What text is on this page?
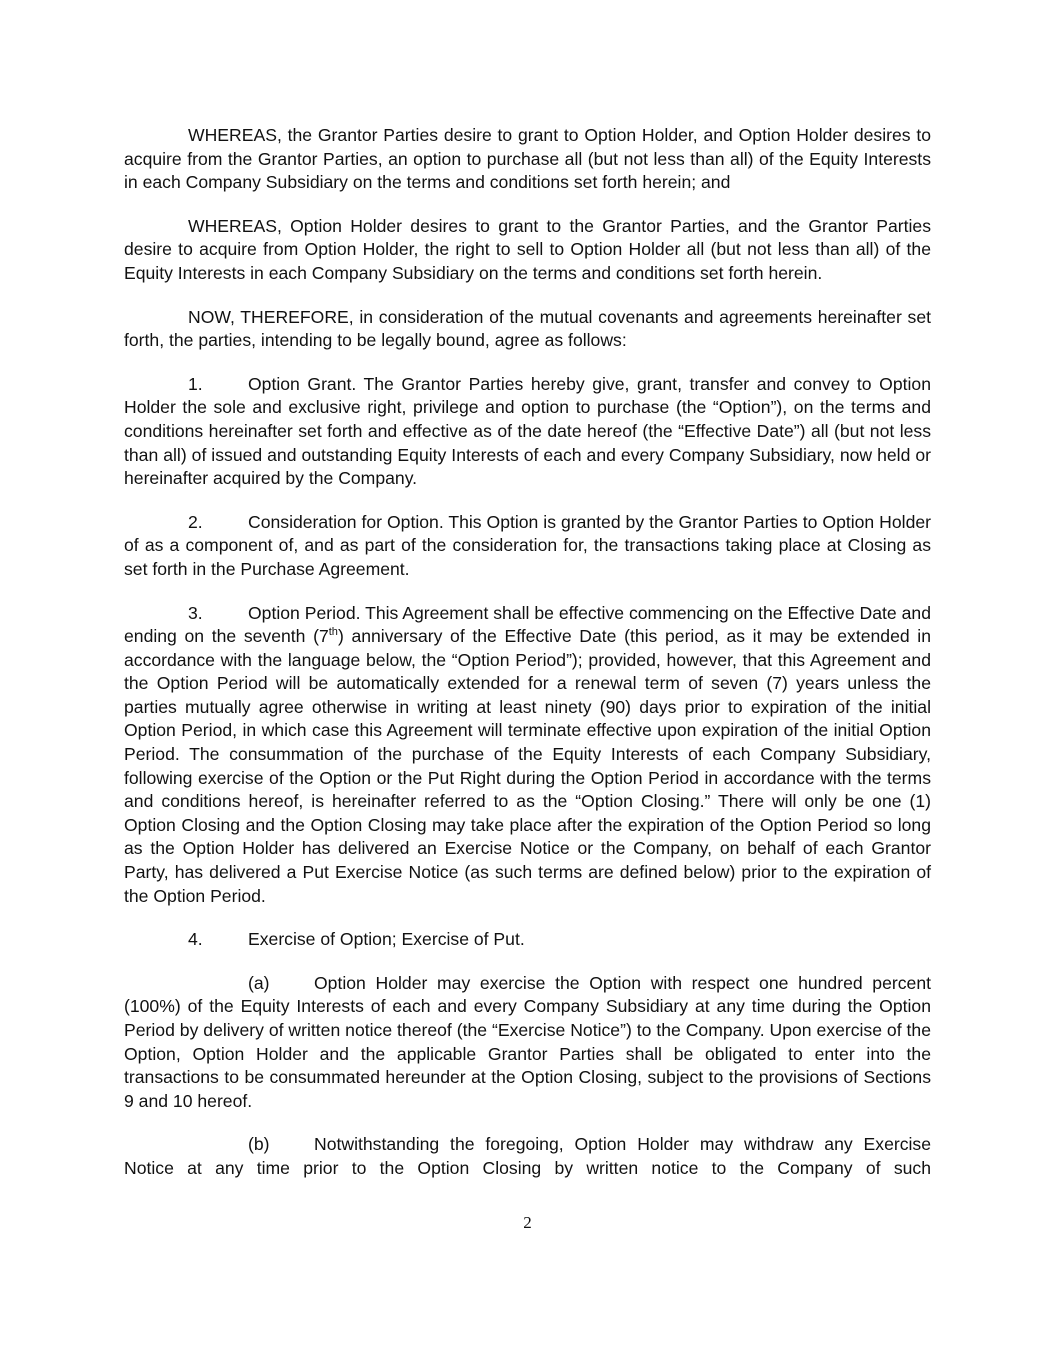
WHEREAS, the Grantor Parties desire to grant to Option Holder, and Option Holder desires to acquire from the Grantor Parties, an option to purchase all (but not less than all) of the Equity Interests in each Company Subsidiary on the terms and conditions set forth herein; and

WHEREAS, Option Holder desires to grant to the Grantor Parties, and the Grantor Parties desire to acquire from Option Holder, the right to sell to Option Holder all (but not less than all) of the Equity Interests in each Company Subsidiary on the terms and conditions set forth herein.

NOW, THEREFORE, in consideration of the mutual covenants and agreements hereinafter set forth, the parties, intending to be legally bound, agree as follows:

1.	Option Grant. The Grantor Parties hereby give, grant, transfer and convey to Option Holder the sole and exclusive right, privilege and option to purchase (the “Option”), on the terms and conditions hereinafter set forth and effective as of the date hereof (the “Effective Date”) all (but not less than all) of issued and outstanding Equity Interests of each and every Company Subsidiary, now held or hereinafter acquired by the Company.

2.	Consideration for Option. This Option is granted by the Grantor Parties to Option Holder of as a component of, and as part of the consideration for, the transactions taking place at Closing as set forth in the Purchase Agreement.

3.	Option Period. This Agreement shall be effective commencing on the Effective Date and ending on the seventh (7th) anniversary of the Effective Date (this period, as it may be extended in accordance with the language below, the “Option Period”); provided, however, that this Agreement and the Option Period will be automatically extended for a renewal term of seven (7) years unless the parties mutually agree otherwise in writing at least ninety (90) days prior to expiration of the initial Option Period, in which case this Agreement will terminate effective upon expiration of the initial Option Period. The consummation of the purchase of the Equity Interests of each Company Subsidiary, following exercise of the Option or the Put Right during the Option Period in accordance with the terms and conditions hereof, is hereinafter referred to as the “Option Closing.” There will only be one (1) Option Closing and the Option Closing may take place after the expiration of the Option Period so long as the Option Holder has delivered an Exercise Notice or the Company, on behalf of each Grantor Party, has delivered a Put Exercise Notice (as such terms are defined below) prior to the expiration of the Option Period.

4.	Exercise of Option; Exercise of Put.

(a)	Option Holder may exercise the Option with respect one hundred percent (100%) of the Equity Interests of each and every Company Subsidiary at any time during the Option Period by delivery of written notice thereof (the “Exercise Notice”) to the Company. Upon exercise of the Option, Option Holder and the applicable Grantor Parties shall be obligated to enter into the transactions to be consummated hereunder at the Option Closing, subject to the provisions of Sections 9 and 10 hereof.

(b)	Notwithstanding the foregoing, Option Holder may withdraw any Exercise Notice at any time prior to the Option Closing by written notice to the Company of such

2
